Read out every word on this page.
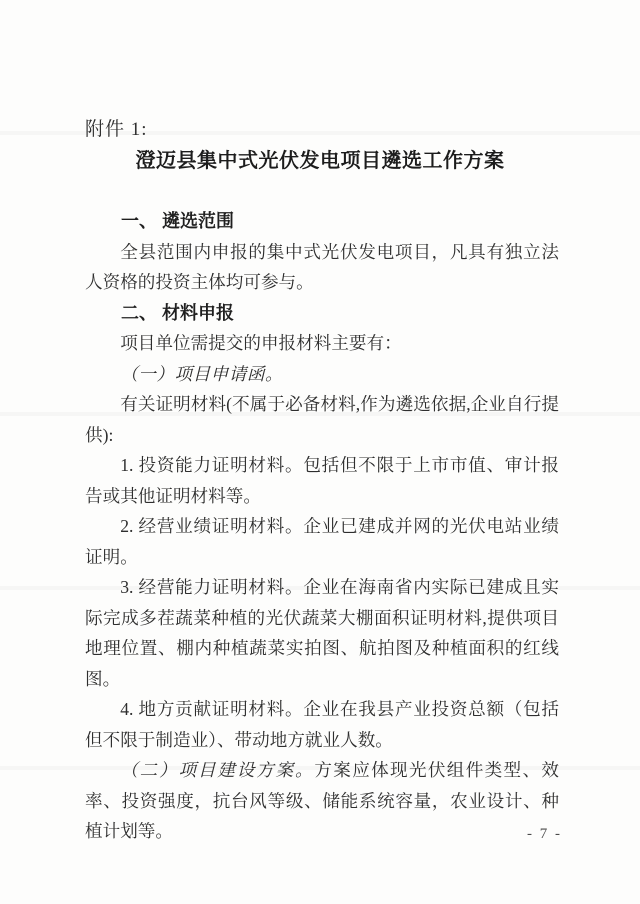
附件 1:
澄迈县集中式光伏发电项目遴选工作方案

一、 遴选范围

全县范围内申报的集中式光伏发电项目，凡具有独立法人资格的投资主体均可参与。

二、 材料申报

项目单位需提交的申报材料主要有：

（一）项目申请函。

有关证明材料(不属于必备材料,作为遴选依据,企业自行提供):

1. 投资能力证明材料。包括但不限于上市市值、审计报告或其他证明材料等。

2. 经营业绩证明材料。企业已建成并网的光伏电站业绩证明。

3. 经营能力证明材料。企业在海南省内实际已建成且实际完成多茬蔬菜种植的光伏蔬菜大棚面积证明材料,提供项目地理位置、棚内种植蔬菜实拍图、航拍图及种植面积的红线图。

4. 地方贡献证明材料。企业在我县产业投资总额（包括但不限于制造业）、带动地方就业人数。

（二）项目建设方案。方案应体现光伏组件类型、效率、投资强度，抗台风等级、储能系统容量，农业设计、种植计划等。	- 7 -
